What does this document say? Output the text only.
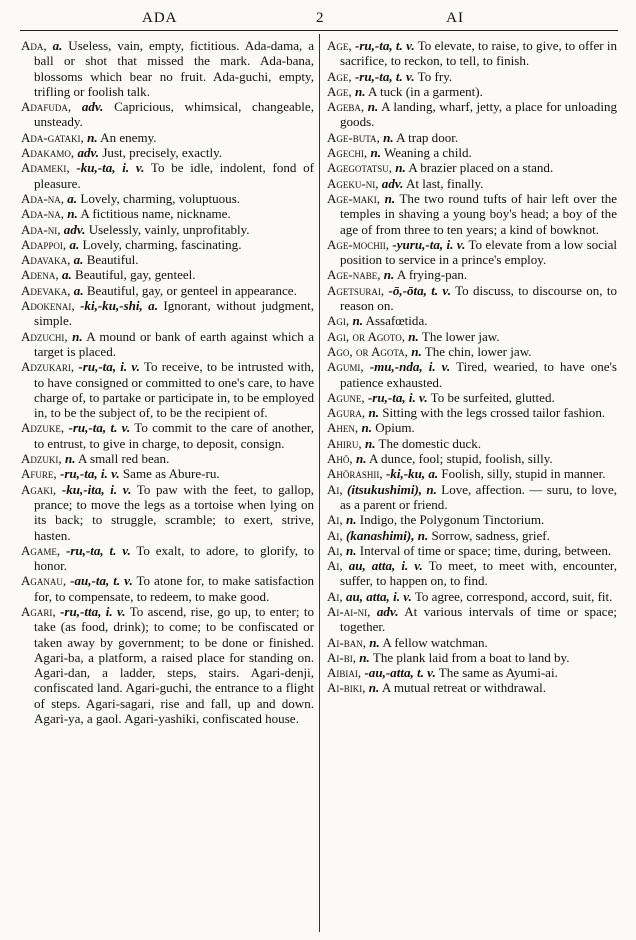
ADA	2	AI

Ada, a. Useless, vain, empty, fictitious. Ada-dama, a ball or shot that missed the mark. Ada-bana, blossoms which bear no fruit. Ada-guchi, empty, trifling or foolish talk.

Adafuda, adv. Capricious, whimsical, changeable, unsteady.

Ada-gataki, n. An enemy.

Adakamo, adv. Just, precisely, exactly.

Adameki, -ku,-ta, i. v. To be idle, indolent, fond of pleasure.

Ada-na, a. Lovely, charming, voluptuous.

Ada-na, n. A fictitious name, nickname.

Ada-ni, adv. Uselessly, vainly, unprofitably.

Adappoi, a. Lovely, charming, fascinating.

Adavaka, a. Beautiful.

Adena, a. Beautiful, gay, genteel.

Adevaka, a. Beautiful, gay, or genteel in appearance.

Adokenai, -ki,-ku,-shi, a. Ignorant, without judgment, simple.

Adzuchi, n. A mound or bank of earth against which a target is placed.

Adzukari, -ru,-ta, i. v. To receive, to be intrusted with, to have consigned or committed to one's care, to have charge of, to partake or participate in, to be employed in, to be the subject of, to be the recipient of.

Adzuke, -ru,-ta, t. v. To commit to the care of another, to entrust, to give in charge, to deposit, consign.

Adzuki, n. A small red bean.

Afure, -ru,-ta, i. v. Same as Abure-ru.

Agaki, -ku,-ita, i. v. To paw with the feet, to gallop, prance; to move the legs as a tortoise when lying on its back; to struggle, scramble; to exert, strive, hasten.

Agame, -ru,-ta, t. v. To exalt, to adore, to glorify, to honor.

Aganau, -au,-ta, t. v. To atone for, to make satisfaction for, to compensate, to redeem, to make good.

Agari, -ru,-tta, i. v. To ascend, rise, go up, to enter; to take (as food, drink); to come; to be confiscated or taken away by government; to be done or finished. Agari-ba, a platform, a raised place for standing on. Agari-dan, a ladder, steps, stairs. Agari-denji, confiscated land. Agari-guchi, the entrance to a flight of steps. Agari-sagari, rise and fall, up and down. Agari-ya, a gaol. Agari-yashiki, confiscated house.

Age, -ru,-ta, t. v. To elevate, to raise, to give, to offer in sacrifice, to reckon, to tell, to finish.

Age, -ru,-ta, t. v. To fry.

Age, n. A tuck (in a garment).

Ageba, n. A landing, wharf, jetty, a place for unloading goods.

Age-buta, n. A trap door.

Agechi, n. Weaning a child.

Agegotatsu, n. A brazier placed on a stand.

Ageku-ni, adv. At last, finally.

Age-maki, n. The two round tufts of hair left over the temples in shaving a young boy's head; a boy of the age of from three to ten years; a kind of bowknot.

Age-mochii, -yuru,-ta, i. v. To elevate from a low social position to service in a prince's employ.

Age-nabe, n. A frying-pan.

Agetsurai, -ō,-ōta, t. v. To discuss, to discourse on, to reason on.

Agi, n. Assafœtida.

Agi, or Agoto, n. The lower jaw.

Ago, or Agota, n. The chin, lower jaw.

Agumi, -mu,-nda, i. v. Tired, wearied, to have one's patience exhausted.

Agune, -ru,-ta, i. v. To be surfeited, glutted.

Agura, n. Sitting with the legs crossed tailor fashion.

Ahen, n. Opium.

Ahiru, n. The domestic duck.

Ahō, n. A dunce, fool; stupid, foolish, silly.

Ahōrashii, -ki,-ku, a. Foolish, silly, stupid in manner.

Ai, (itsukushimi), n. Love, affection. — suru, to love, as a parent or friend.

Ai, n. Indigo, the Polygonum Tinctorium.

Ai, (kanashimi), n. Sorrow, sadness, grief.

Ai, n. Interval of time or space; time, during, between.

Ai, au, atta, i. v. To meet, to meet with, encounter, suffer, to happen on, to find.

Ai, au, atta, i. v. To agree, correspond, accord, suit, fit.

Ai-ai-ni, adv. At various intervals of time or space; together.

Ai-ban, n. A fellow watchman.

Ai-bi, n. The plank laid from a boat to land by.

Aibiai, -au,-atta, t. v. The same as Ayumi-ai.

Ai-biki, n. A mutual retreat or withdrawal.
